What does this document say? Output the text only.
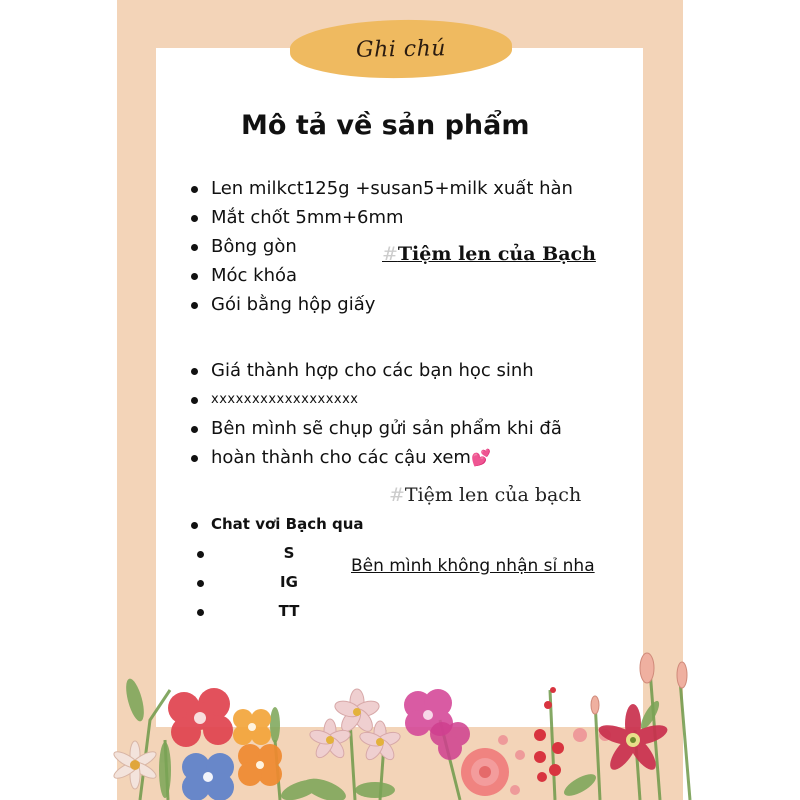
Ghi chú
Mô tả về sản phẩm
Len milkct125g +susan5+milk xuất hàn
Mắt chốt 5mm+6mm
Bông gòn
Móc khóa
Gói bằng hộp giấy
#Tiệm len của Bạch
Giá thành hợp cho các bạn học sinh
xxxxxxxxxxxxxxxxxx
Bên mình sẽ chụp gửi sản phẩm khi đã
hoàn thành cho các cậu xem💕
#Tiệm len của bạch
Chat vơi Bạch qua
S
IG
TT
Bên mình không nhận sỉ nha
